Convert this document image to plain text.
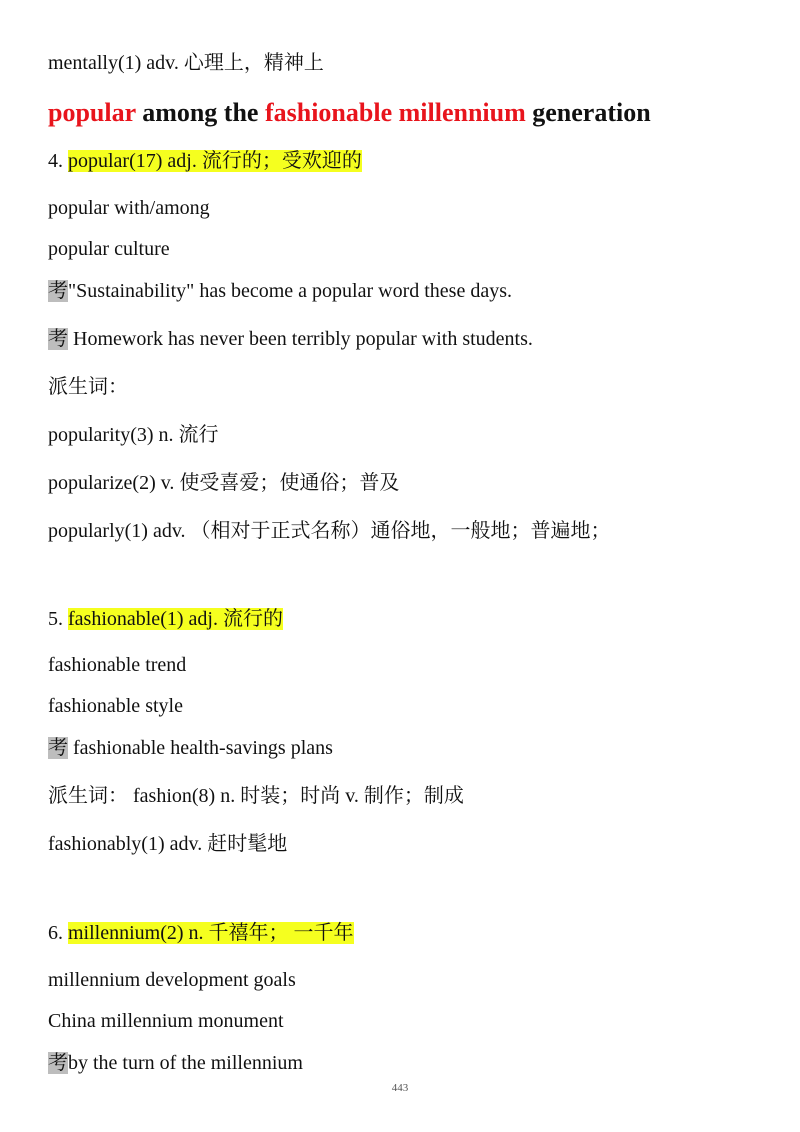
mentally(1) adv. 心理上，精神上
popular among the fashionable millennium generation
4. popular(17) adj. 流行的；受欢迎的
popular with/among
popular culture
考"Sustainability" has become a popular word these days.
考 Homework has never been terribly popular with students.
派生词：
popularity(3) n. 流行
popularize(2) v. 使受喜爱；使通俗；普及
popularly(1) adv. （相对于正式名称）通俗地，一般地；普遍地；
5. fashionable(1) adj. 流行的
fashionable trend
fashionable style
考 fashionable health-savings plans
派生词： fashion(8) n. 时装；时尚 v. 制作；制成
fashionably(1) adv. 赶时髦地
6. millennium(2) n. 千禧年； 一千年
millennium development goals
China millennium monument
考by the turn of the millennium
443
